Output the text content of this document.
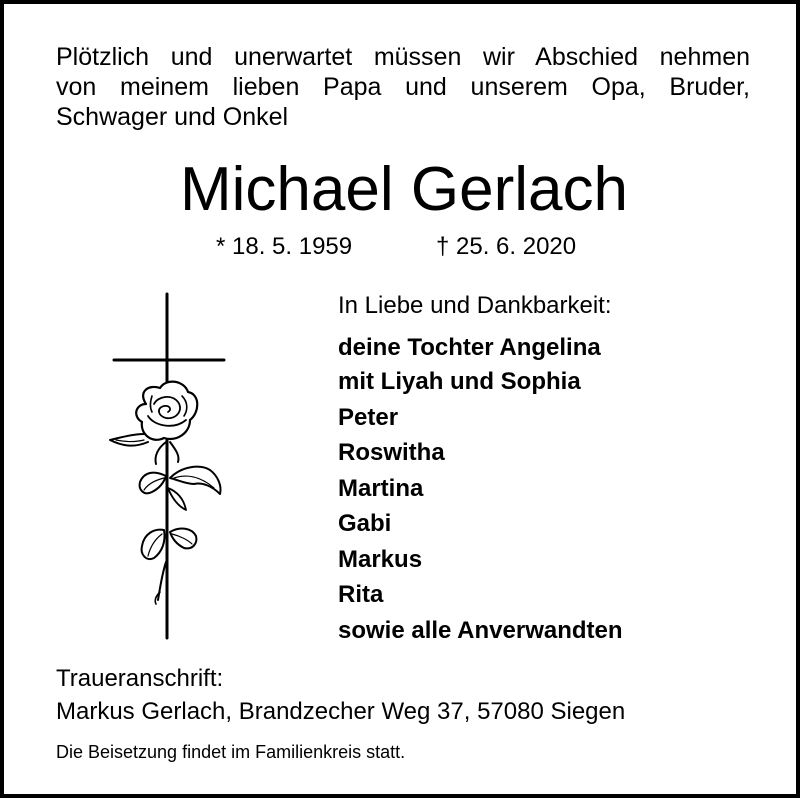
Plötzlich und unerwartet müssen wir Abschied nehmen
von meinem lieben Papa und unserem Opa, Bruder,
Schwager und Onkel
Michael Gerlach
* 18. 5. 1959	† 25. 6. 2020
In Liebe und Dankbarkeit:
deine Tochter Angelina
mit Liyah und Sophia
Peter
Roswitha
Martina
Gabi
Markus
Rita
sowie alle Anverwandten
Traueranschrift:
Markus Gerlach, Brandzecher Weg 37, 57080 Siegen
Die Beisetzung findet im Familienkreis statt.
